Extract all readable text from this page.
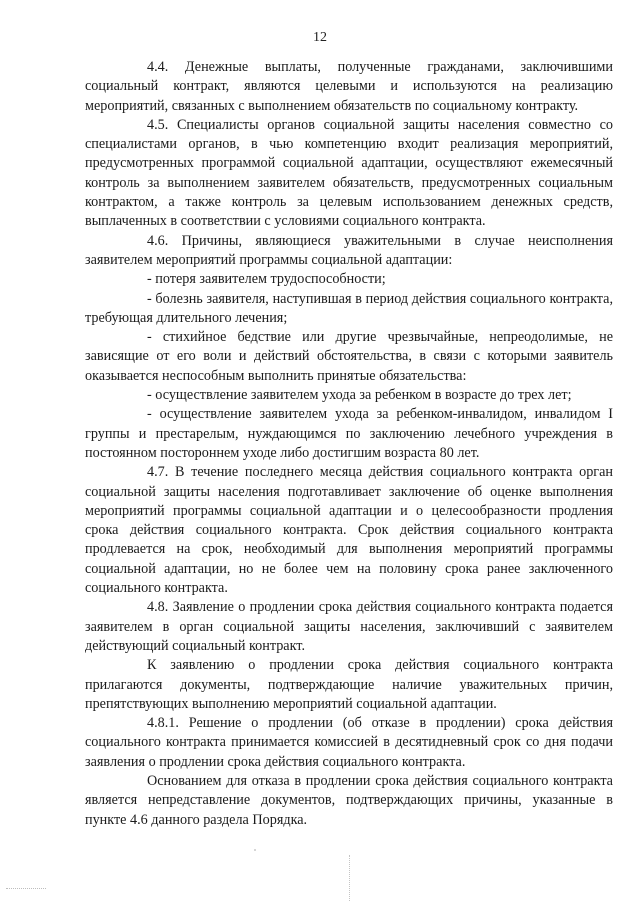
12

4.4. Денежные выплаты, полученные гражданами, заключившими социальный контракт, являются целевыми и используются на реализацию мероприятий, связанных с выполнением обязательств по социальному контракту.

4.5. Специалисты органов социальной защиты населения совместно со специалистами органов, в чью компетенцию входит реализация мероприятий, предусмотренных программой социальной адаптации, осуществляют ежемесячный контроль за выполнением заявителем обязательств, предусмотренных социальным контрактом, а также контроль за целевым использованием денежных средств, выплаченных в соответствии с условиями социального контракта.

4.6. Причины, являющиеся уважительными в случае неисполнения заявителем мероприятий программы социальной адаптации:

- потеря заявителем трудоспособности;

- болезнь заявителя, наступившая в период действия социального контракта, требующая длительного лечения;

- стихийное бедствие или другие чрезвычайные, непреодолимые, не зависящие от его воли и действий обстоятельства, в связи с которыми заявитель оказывается неспособным выполнить принятые обязательства:

- осуществление заявителем ухода за ребенком в возрасте до трех лет;

- осуществление заявителем ухода за ребенком-инвалидом, инвалидом I группы и престарелым, нуждающимся по заключению лечебного учреждения в постоянном постороннем уходе либо достигшим возраста 80 лет.

4.7. В течение последнего месяца действия социального контракта орган социальной защиты населения подготавливает заключение об оценке выполнения мероприятий программы социальной адаптации и о целесообразности продления срока действия социального контракта. Срок действия социального контракта продлевается на срок, необходимый для выполнения мероприятий программы социальной адаптации, но не более чем на половину срока ранее заключенного социального контракта.

4.8. Заявление о продлении срока действия социального контракта подается заявителем в орган социальной защиты населения, заключивший с заявителем действующий социальный контракт.

К заявлению о продлении срока действия социального контракта прилагаются документы, подтверждающие наличие уважительных причин, препятствующих выполнению мероприятий социальной адаптации.

4.8.1. Решение о продлении (об отказе в продлении) срока действия социального контракта принимается комиссией в десятидневный срок со дня подачи заявления о продлении срока действия социального контракта.

Основанием для отказа в продлении срока действия социального контракта является непредставление документов, подтверждающих причины, указанные в пункте 4.6 данного раздела Порядка.
